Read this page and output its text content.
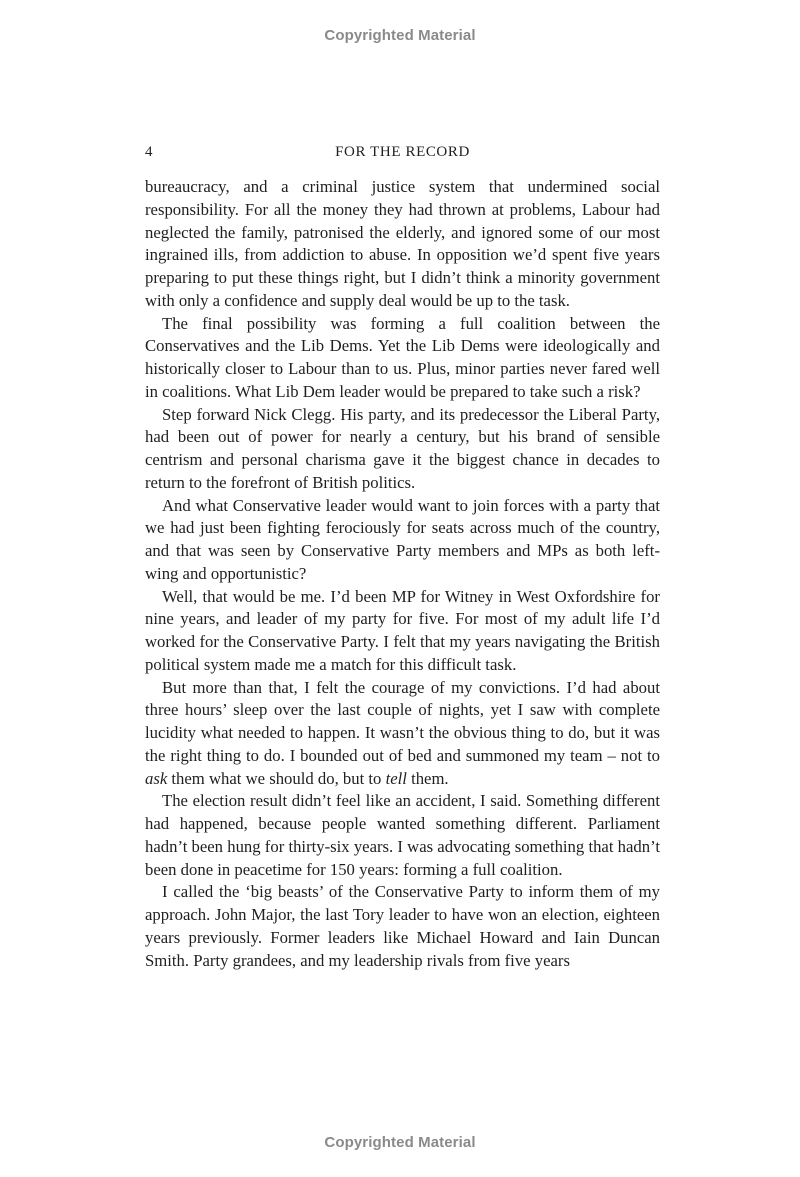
Copyrighted Material
4	FOR THE RECORD

bureaucracy, and a criminal justice system that undermined social responsibility. For all the money they had thrown at problems, Labour had neglected the family, patronised the elderly, and ignored some of our most ingrained ills, from addiction to abuse. In opposition we’d spent five years preparing to put these things right, but I didn’t think a minority government with only a confidence and supply deal would be up to the task.

The final possibility was forming a full coalition between the Conservatives and the Lib Dems. Yet the Lib Dems were ideologically and historically closer to Labour than to us. Plus, minor parties never fared well in coalitions. What Lib Dem leader would be prepared to take such a risk?

Step forward Nick Clegg. His party, and its predecessor the Liberal Party, had been out of power for nearly a century, but his brand of sensible centrism and personal charisma gave it the biggest chance in decades to return to the forefront of British politics.

And what Conservative leader would want to join forces with a party that we had just been fighting ferociously for seats across much of the country, and that was seen by Conservative Party members and MPs as both left-wing and opportunistic?

Well, that would be me. I’d been MP for Witney in West Oxfordshire for nine years, and leader of my party for five. For most of my adult life I’d worked for the Conservative Party. I felt that my years navigating the British political system made me a match for this difficult task.

But more than that, I felt the courage of my convictions. I’d had about three hours’ sleep over the last couple of nights, yet I saw with complete lucidity what needed to happen. It wasn’t the obvious thing to do, but it was the right thing to do. I bounded out of bed and summoned my team – not to ask them what we should do, but to tell them.

The election result didn’t feel like an accident, I said. Something different had happened, because people wanted something different. Parliament hadn’t been hung for thirty-six years. I was advocating something that hadn’t been done in peacetime for 150 years: forming a full coalition.

I called the ‘big beasts’ of the Conservative Party to inform them of my approach. John Major, the last Tory leader to have won an election, eighteen years previously. Former leaders like Michael Howard and Iain Duncan Smith. Party grandees, and my leadership rivals from five years

Copyrighted Material
